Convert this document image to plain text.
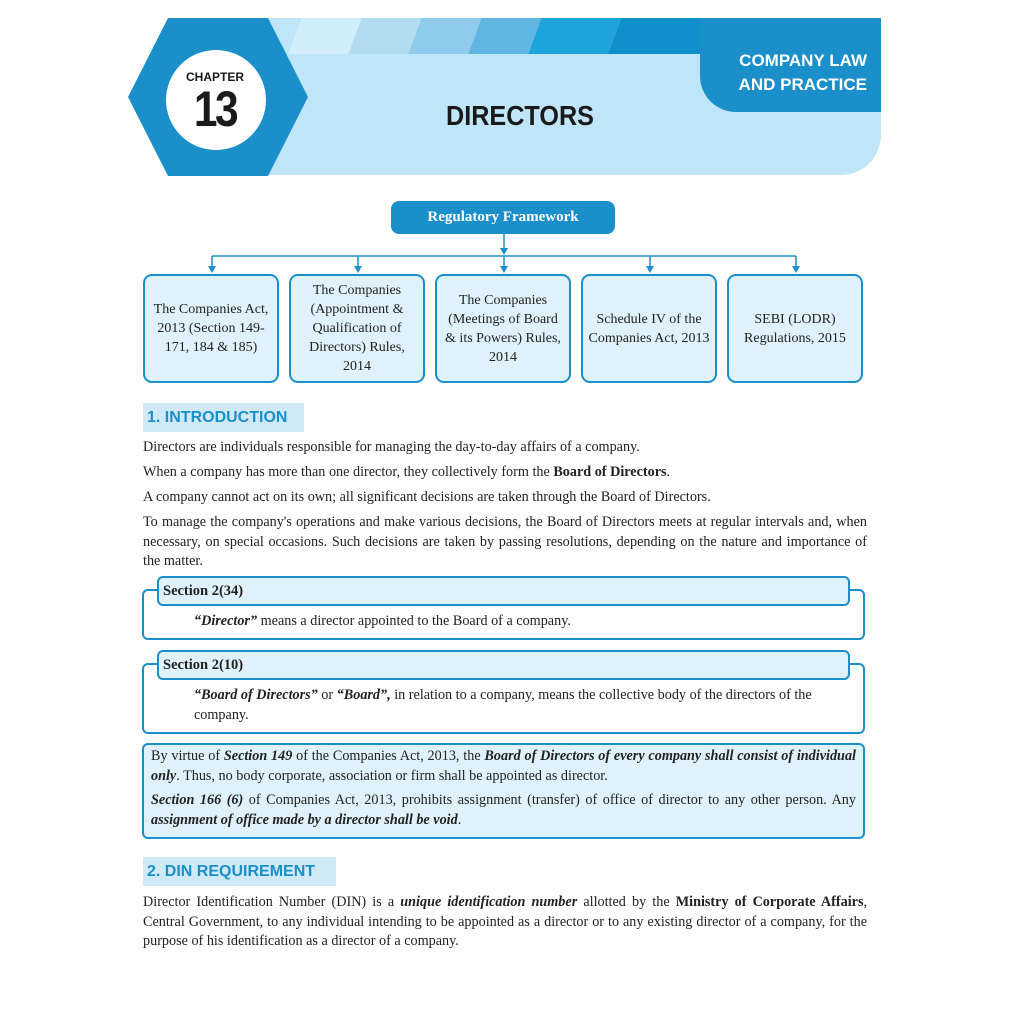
COMPANY LAW
AND PRACTICE
CHAPTER
13	DIRECTORS
Regulatory Framework
The Companies Act, 2013 (Section 149-171, 184 & 185)
The Companies (Appointment & Qualification of Directors) Rules, 2014
The Companies (Meetings of Board & its Powers) Rules, 2014
Schedule IV of the Companies Act, 2013
SEBI (LODR) Regulations, 2015
1. INTRODUCTION
Directors are individuals responsible for managing the day-to-day affairs of a company.
When a company has more than one director, they collectively form the Board of Directors.
A company cannot act on its own; all significant decisions are taken through the Board of Directors.
To manage the company's operations and make various decisions, the Board of Directors meets at regular intervals and, when necessary, on special occasions. Such decisions are taken by passing resolutions, depending on the nature and importance of the matter.
Section 2(34)
“Director” means a director appointed to the Board of a company.
Section 2(10)
“Board of Directors” or “Board”, in relation to a company, means the collective body of the directors of the company.
By virtue of Section 149 of the Companies Act, 2013, the Board of Directors of every company shall consist of individual only. Thus, no body corporate, association or firm shall be appointed as director.
Section 166 (6) of Companies Act, 2013, prohibits assignment (transfer) of office of director to any other person. Any assignment of office made by a director shall be void.
2. DIN REQUIREMENT
Director Identification Number (DIN) is a unique identification number allotted by the Ministry of Corporate Affairs, Central Government, to any individual intending to be appointed as a director or to any existing director of a company, for the purpose of his identification as a director of a company.
